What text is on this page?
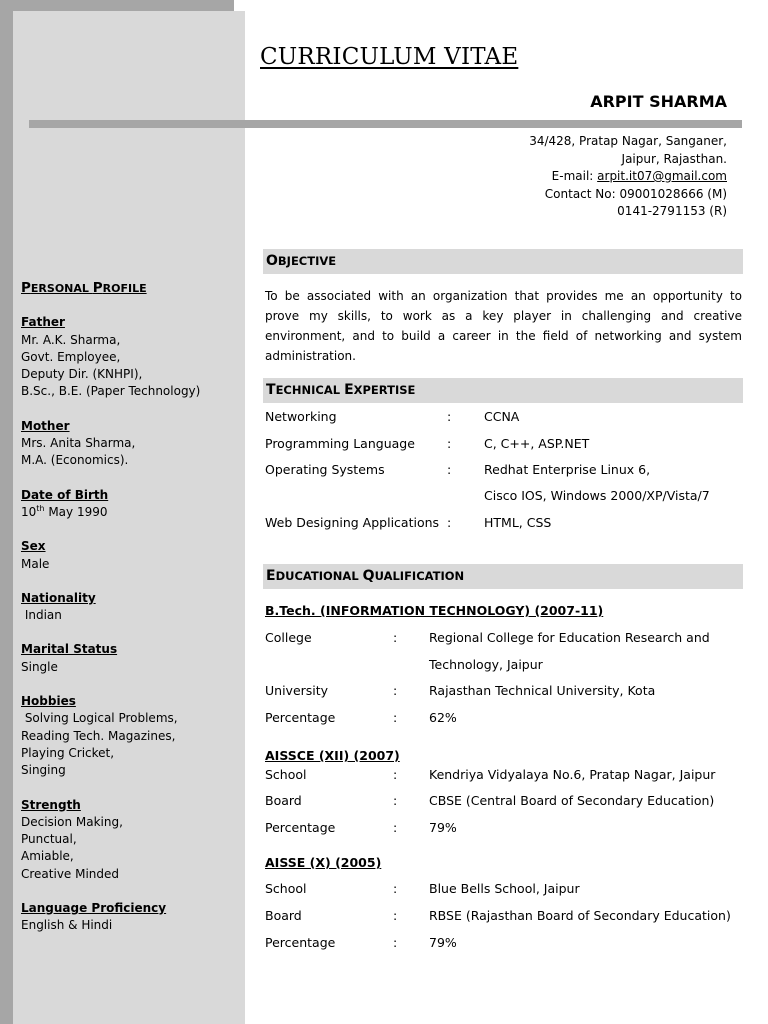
CURRICULUM VITAE
ARPIT SHARMA
34/428, Pratap Nagar, Sanganer,
Jaipur, Rajasthan.
E-mail: arpit.it07@gmail.com
Contact No: 09001028666 (M)
0141-2791153 (R)
OBJECTIVE
To be associated with an organization that provides me an opportunity to prove my skills, to work as a key player in challenging and creative environment, and to build a career in the field of networking and system administration.
TECHNICAL EXPERTISE
Networking	:	CCNA
Programming Language	:	C, C++, ASP.NET
Operating Systems	:	Redhat Enterprise Linux 6,
Cisco IOS, Windows 2000/XP/Vista/7
Web Designing Applications :	HTML, CSS
EDUCATIONAL QUALIFICATION
B.Tech. (INFORMATION TECHNOLOGY) (2007-11)
College	:	Regional College for Education Research and
Technology, Jaipur
University	:	Rajasthan Technical University, Kota
Percentage	:	62%
AISSCE (XII) (2007)
School	:	Kendriya Vidyalaya No.6, Pratap Nagar, Jaipur
Board	:	CBSE (Central Board of Secondary Education)
Percentage	:	79%
AISSE (X) (2005)
School	:	Blue Bells School, Jaipur
Board	:	RBSE (Rajasthan Board of Secondary Education)
Percentage	:	79%
PERSONAL PROFILE
Father
Mr. A.K. Sharma,
Govt. Employee,
Deputy Dir. (KNHPI),
B.Sc., B.E. (Paper Technology)
Mother
Mrs. Anita Sharma,
M.A. (Economics).
Date of Birth
10th May 1990
Sex
Male
Nationality
Indian
Marital Status
Single
Hobbies
Solving Logical Problems,
Reading Tech. Magazines,
Playing Cricket,
Singing
Strength
Decision Making,
Punctual,
Amiable,
Creative Minded
Language Proficiency
English & Hindi
